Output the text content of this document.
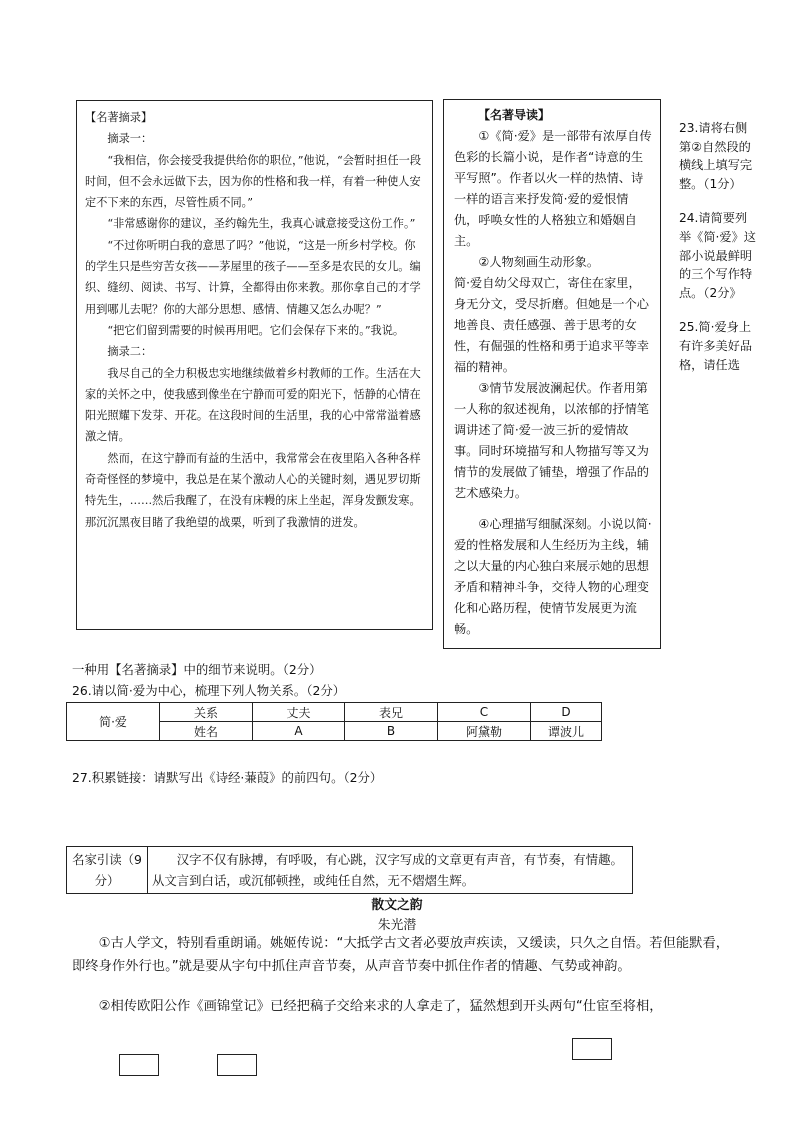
【名著摘录】

摘录一：

“我相信，你会接受我提供给你的职位，”他说，“会暂时担任一段时间，但不会永远做下去，因为你的性格和我一样，有着一种使人安定不下来的东西，尽管性质不同。”

“非常感谢你的建议，圣约翰先生，我真心诚意接受这份工作。”

“不过你听明白我的意思了吗？”他说，“这是一所乡村学校。你的学生只是些穷苦女孩——茅屋里的孩子——至多是农民的女儿。编织、缝纫、阅读、书写、计算，全都得由你来教。那你拿自己的才学用到哪儿去呢？你的大部分思想、感情、情趣又怎么办呢？”

“把它们留到需要的时候再用吧。它们会保存下来的。”我说。

摘录二：

我尽自己的全力积极忠实地继续做着乡村教师的工作。生活在大家的关怀之中，使我感到像坐在宁静而可爱的阳光下，恬静的心情在阳光照耀下发芽、开花。在这段时间的生活里，我的心中常常溢着感激之情。

然而，在这宁静而有益的生活中，我常常会在夜里陷入各种各样奇奇怪怪的梦境中，我总是在某个激动人心的关键时刻，遇见罗切斯特先生，……然后我醒了，在没有床幔的床上坐起，浑身发颤发寒。那沉沉黑夜目睹了我绝望的战栗，听到了我激情的迸发。

【名著导读】

①《简·爱》是一部带有浓厚自传色彩的长篇小说，是作者“诗意的生平写照”。作者以火一样的热情、诗一样的语言来抒发简·爱的爱恨情仇，呼唤女性的人格独立和婚姻自主。

②人物刻画生动形象。

简·爱自幼父母双亡，寄住在家里，身无分文，受尽折磨。但她是一个心地善良、责任感强、善于思考的女性，有倔强的性格和勇于追求平等幸福的精神。

③情节发展波澜起伏。作者用第一人称的叙述视角，以浓郁的抒情笔调讲述了简·爱一波三折的爱情故事。同时环境描写和人物描写等又为情节的发展做了铺垫，增强了作品的艺术感染力。

④心理描写细腻深刻。小说以简·爱的性格发展和人生经历为主线，辅之以大量的内心独白来展示她的思想矛盾和精神斗争，交待人物的心理变化和心路历程，使情节发展更为流畅。

23.请将右侧第②自然段的横线上填写完整。（1分）

24.请简要列举《简·爱》这部小说最鲜明的三个写作特点。（2分》

25.简·爱身上有许多美好品格，请任选

一种用【名著摘录】中的细节来说明。（2分）
26.请以简·爱为中心，梳理下列人物关系。（2分）
简·爱	关系	丈夫	表兄	C	D
	姓名	A	B	阿黛勒	谭波儿
27.积累链接：请默写出《诗经·蒹葭》的前四句。（2分）
名家引读（9分）	汉字不仅有脉搏，有呼吸，有心跳，汉字写成的文章更有声音，有节奏，有情趣。从文言到白话，或沉郁顿挫，或纯任自然，无不熠熠生辉。
散文之韵
朱光潜

①古人学文，特别看重朗诵。姚姬传说：“大抵学古文者必要放声疾读，又缓读，只久之自悟。若但能默看，即终身作外行也。”就是要从字句中抓住声音节奏，从声音节奏中抓住作者的情趣、气势或神韵。

②相传欧阳公作《画锦堂记》已经把稿子交给来求的人拿走了，猛然想到开头两句“仕宦至将相，
